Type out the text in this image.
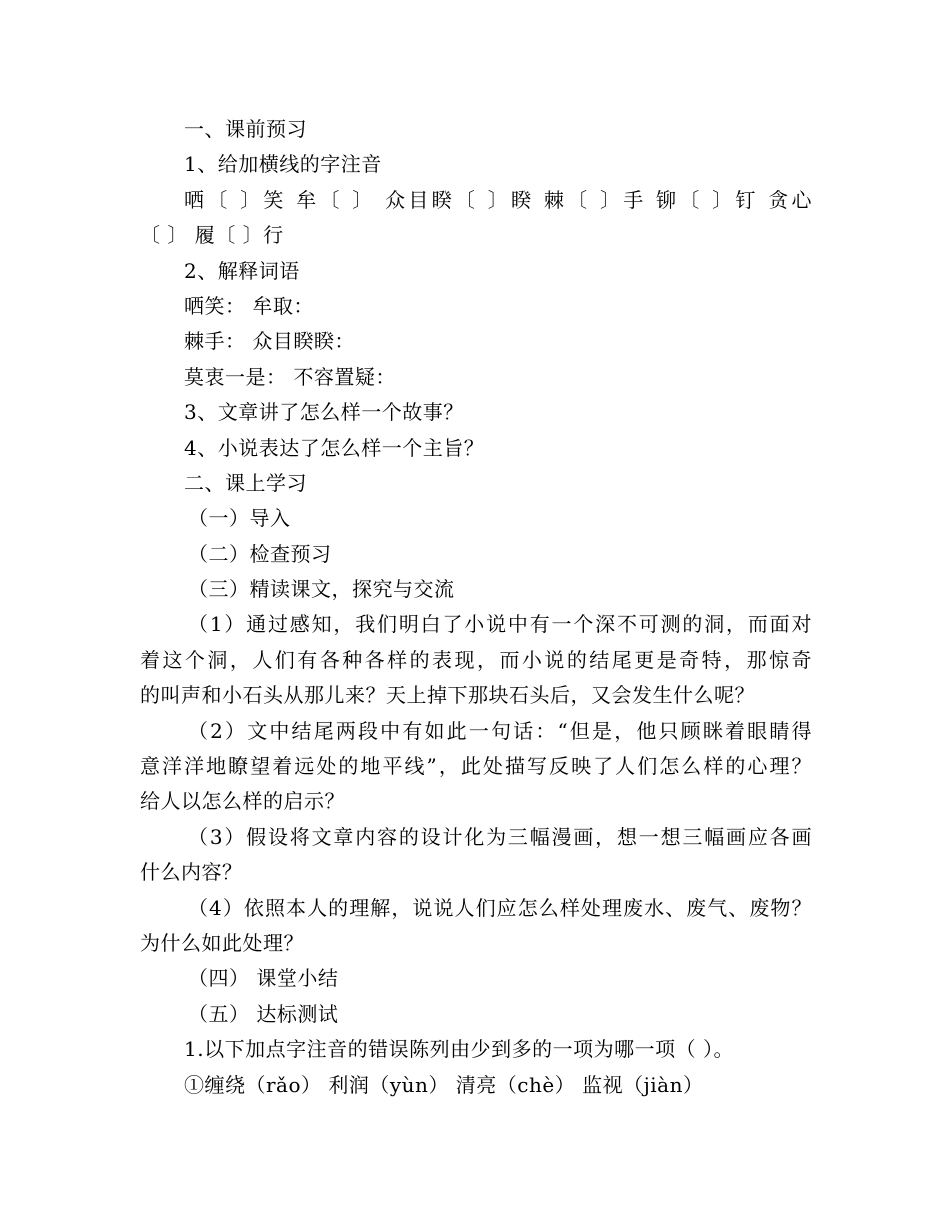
一、课前预习
1、给加横线的字注音
哂〔 〕笑 牟〔 〕 众目睽〔 〕睽 棘〔 〕手 铆〔 〕钉 贪心
〔 〕 履〔 〕行
2、解释词语
哂笑： 牟取：
棘手： 众目睽睽：
莫衷一是： 不容置疑：
3、文章讲了怎么样一个故事？
4、小说表达了怎么样一个主旨？
二、课上学习
（一）导入
（二）检查预习
（三）精读课文，探究与交流
（1）通过感知，我们明白了小说中有一个深不可测的洞，而面对
着这个洞，人们有各种各样的表现，而小说的结尾更是奇特，那惊奇
的叫声和小石头从那儿来？天上掉下那块石头后，又会发生什么呢？
（2）文中结尾两段中有如此一句话：“但是，他只顾眯着眼睛得
意洋洋地瞭望着远处的地平线”，此处描写反映了人们怎么样的心理？
给人以怎么样的启示？
（3）假设将文章内容的设计化为三幅漫画，想一想三幅画应各画
什么内容？
（4）依照本人的理解，说说人们应怎么样处理废水、废气、废物？
为什么如此处理？
（四） 课堂小结
（五） 达标测试
1.以下加点字注音的错误陈列由少到多的一项为哪一项（ ）。
①缠绕（rǎo） 利润（yùn） 清亮（chè） 监视（jiàn）
